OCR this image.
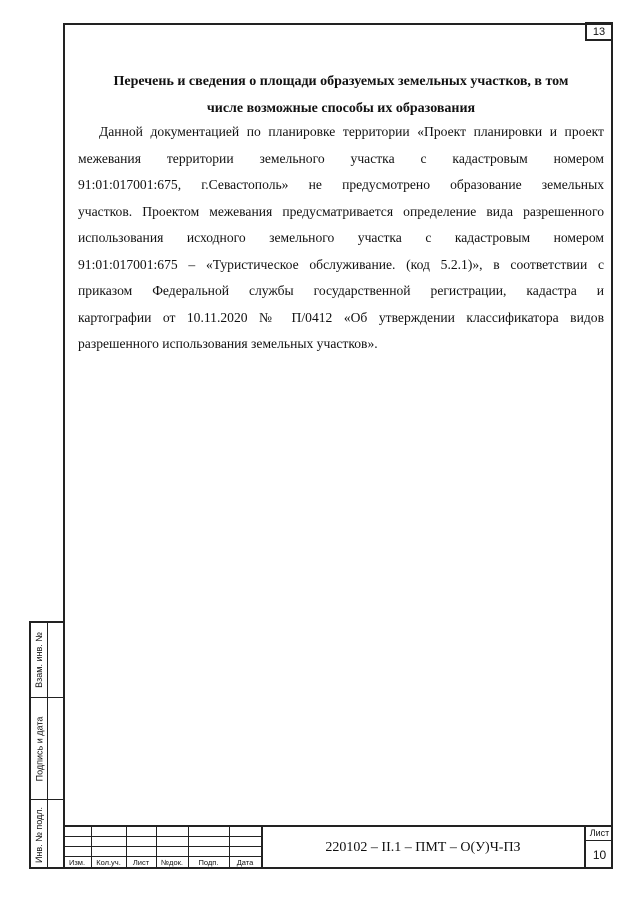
13
Перечень и сведения о площади образуемых земельных участков, в том
числе возможные способы их образования
Данной документацией по планировке территории «Проект планировки и проект
межевания территории земельного участка с кадастровым номером
91:01:017001:675, г.Севастополь» не предусмотрено образование земельных
участков. Проектом межевания предусматривается определение вида разрешенного
использования исходного земельного участка с кадастровым номером
91:01:017001:675 – «Туристическое обслуживание. (код 5.2.1)», в соответствии с
приказом Федеральной службы государственной регистрации, кадастра и
картографии от 10.11.2020 № П/0412 «Об утверждении классификатора видов
разрешенного использования земельных участков».
Взам. инв. №
Подпись и дата
Инв. № подл.	Изм.	Кол.уч.	Лист	№док.	Подп.	Дата
220102 – II.1 – ПМТ – О(У)Ч-ПЗ
Лист
10
